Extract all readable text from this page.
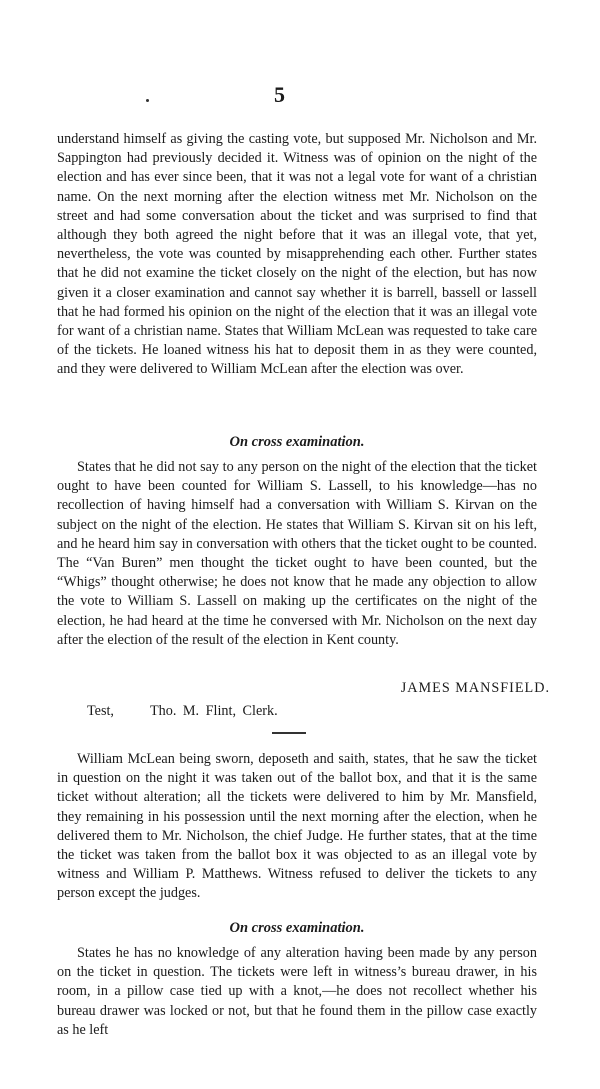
5

understand himself as giving the casting vote, but supposed Mr. Nicholson and Mr. Sappington had previously decided it. Witness was of opinion on the night of the election and has ever since been, that it was not a legal vote for want of a christian name. On the next morning after the election witness met Mr. Nicholson on the street and had some conversation about the ticket and was surprised to find that although they both agreed the night before that it was an illegal vote, that yet, nevertheless, the vote was counted by misapprehending each other. Further states that he did not examine the ticket closely on the night of the election, but has now given it a closer examination and cannot say whether it is barrell, bassell or lassell that he had formed his opinion on the night of the election that it was an illegal vote for want of a christian name. States that William McLean was requested to take care of the tickets. He loaned witness his hat to deposit them in as they were counted, and they were delivered to William McLean after the election was over.

On cross examination.

States that he did not say to any person on the night of the election that the ticket ought to have been counted for William S. Lassell, to his knowledge—has no recollection of having himself had a conversation with William S. Kirvan on the subject on the night of the election. He states that William S. Kirvan sit on his left, and he heard him say in conversation with others that the ticket ought to be counted. The “Van Buren” men thought the ticket ought to have been counted, but the “Whigs” thought otherwise; he does not know that he made any objection to allow the vote to William S. Lassell on making up the certificates on the night of the election, he had heard at the time he conversed with Mr. Nicholson on the next day after the election of the result of the election in Kent county.

JAMES MANSFIELD.

Test,	Tho. M. Flint, Clerk.

William McLean being sworn, deposeth and saith, states, that he saw the ticket in question on the night it was taken out of the ballot box, and that it is the same ticket without alteration; all the tickets were delivered to him by Mr. Mansfield, they remaining in his possession until the next morning after the election, when he delivered them to Mr. Nicholson, the chief Judge. He further states, that at the time the ticket was taken from the ballot box it was objected to as an illegal vote by witness and William P. Matthews. Witness refused to deliver the tickets to any person except the judges.

On cross examination.

States he has no knowledge of any alteration having been made by any person on the ticket in question. The tickets were left in witness’s bureau drawer, in his room, in a pillow case tied up with a knot,—he does not recollect whether his bureau drawer was locked or not, but that he found them in the pillow case exactly as he left
